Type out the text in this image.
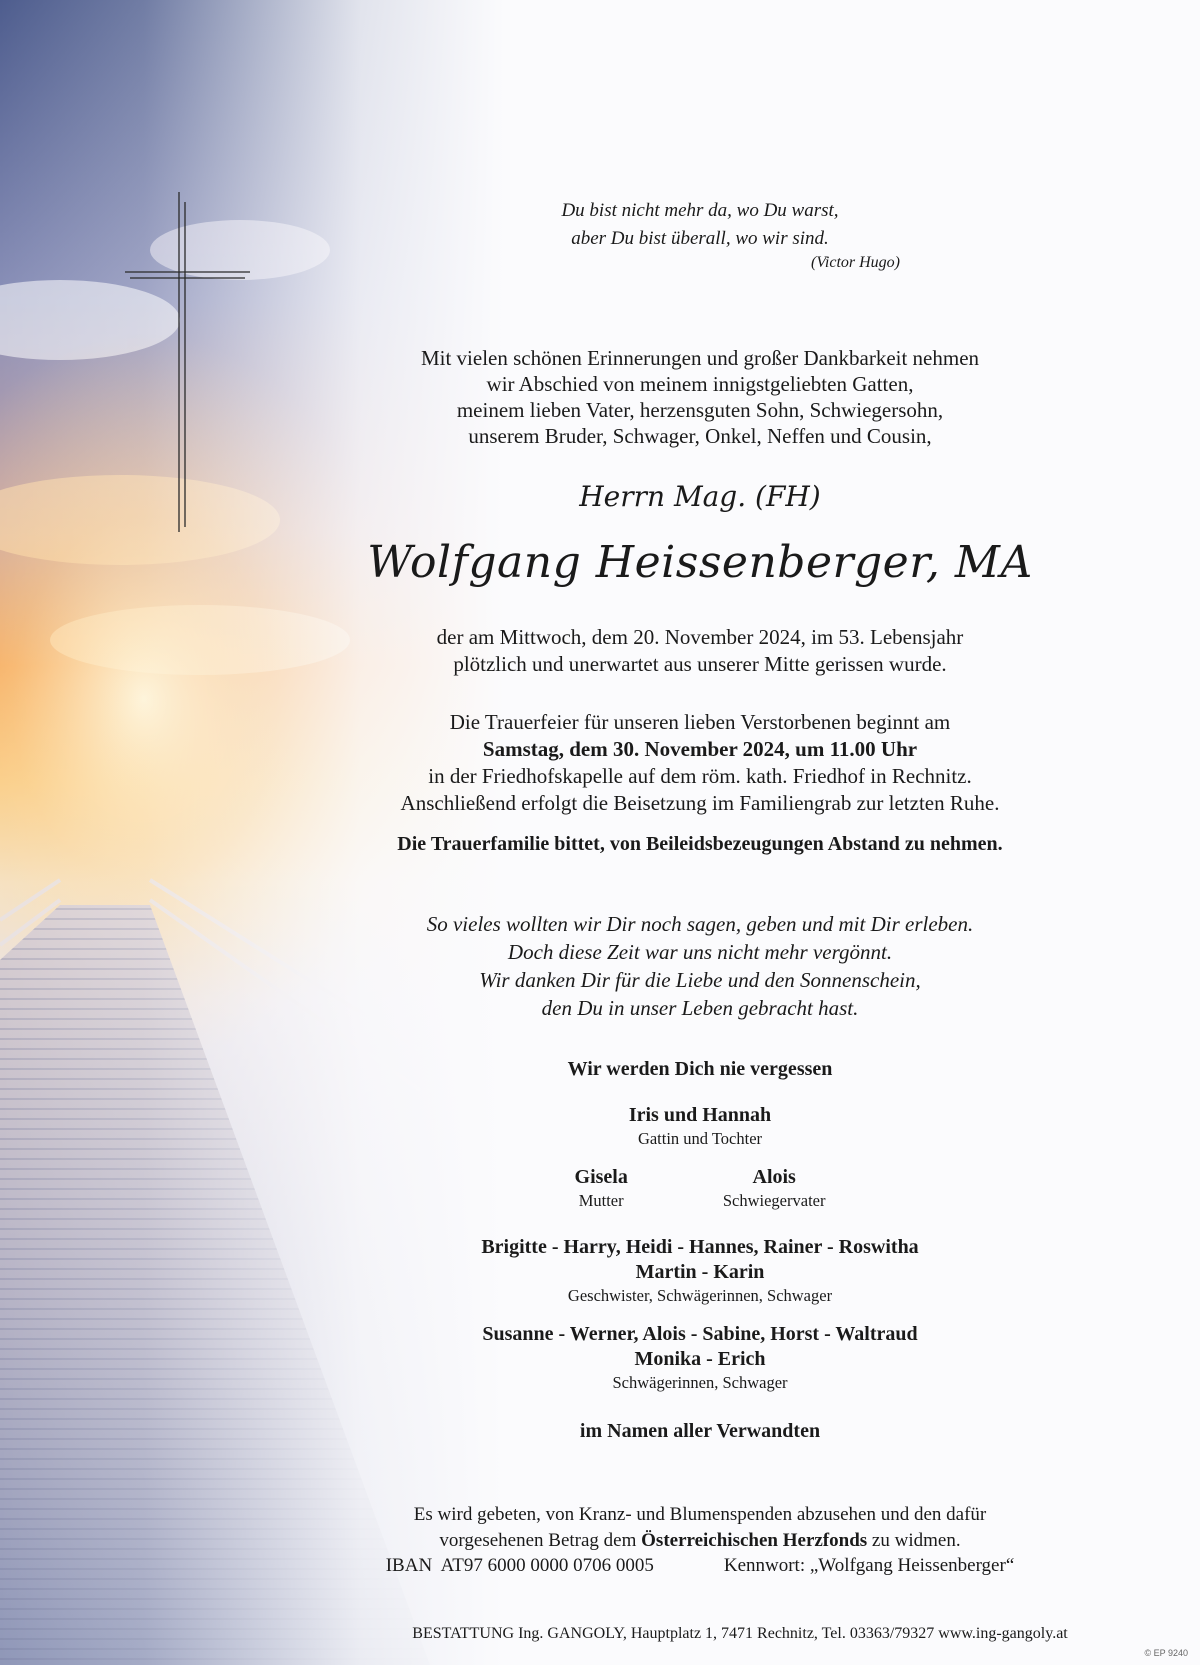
Du bist nicht mehr da, wo Du warst,
aber Du bist überall, wo wir sind.
(Victor Hugo)
Mit vielen schönen Erinnerungen und großer Dankbarkeit nehmen
wir Abschied von meinem innigstgeliebten Gatten,
meinem lieben Vater, herzensguten Sohn, Schwiegersohn,
unserem Bruder, Schwager, Onkel, Neffen und Cousin,
Herrn Mag. (FH)
Wolfgang Heissenberger, MA
der am Mittwoch, dem 20. November 2024, im 53. Lebensjahr
plötzlich und unerwartet aus unserer Mitte gerissen wurde.
Die Trauerfeier für unseren lieben Verstorbenen beginnt am
Samstag, dem 30. November 2024, um 11.00 Uhr
in der Friedhofskapelle auf dem röm. kath. Friedhof in Rechnitz.
Anschließend erfolgt die Beisetzung im Familiengrab zur letzten Ruhe.
Die Trauerfamilie bittet, von Beileidsbezeugungen Abstand zu nehmen.
So vieles wollten wir Dir noch sagen, geben und mit Dir erleben.
Doch diese Zeit war uns nicht mehr vergönnt.
Wir danken Dir für die Liebe und den Sonnenschein,
den Du in unser Leben gebracht hast.
Wir werden Dich nie vergessen
Iris und Hannah
Gattin und Tochter
Gisela
Mutter
Alois
Schwiegervater
Brigitte - Harry, Heidi - Hannes, Rainer - Roswitha
Martin - Karin
Geschwister, Schwägerinnen, Schwager
Susanne - Werner, Alois - Sabine, Horst - Waltraud
Monika - Erich
Schwägerinnen, Schwager
im Namen aller Verwandten
Es wird gebeten, von Kranz- und Blumenspenden abzusehen und den dafür
vorgesehenen Betrag dem Österreichischen Herzfonds zu widmen.
IBAN  AT97 6000 0000 0706 0005	Kennwort: „Wolfgang Heissenberger“
BESTATTUNG Ing. GANGOLY, Hauptplatz 1, 7471 Rechnitz, Tel. 03363/79327 www.ing-gangoly.at
© EP 9240
